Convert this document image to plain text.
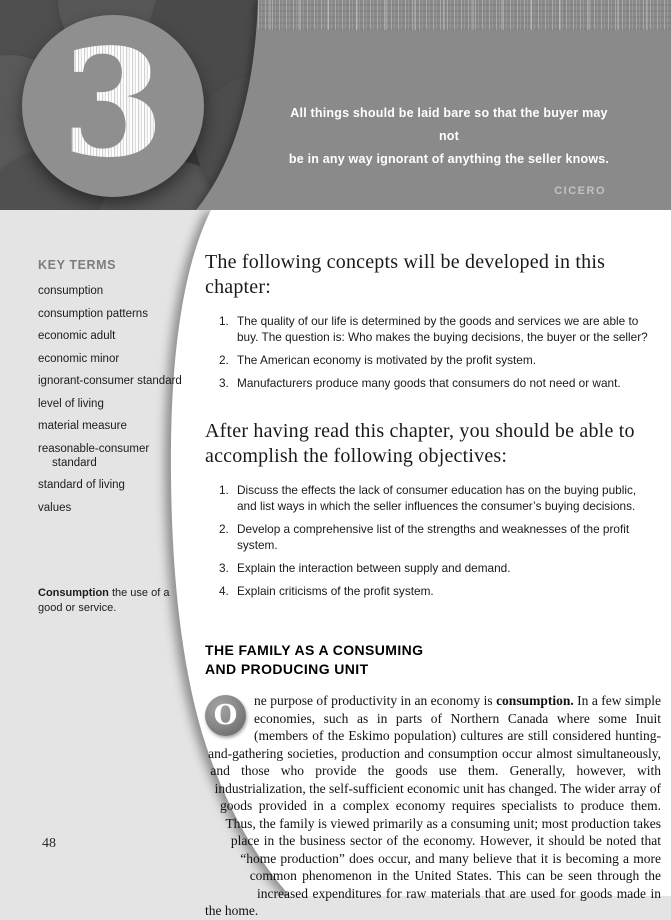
3	All things should be laid bare so that the buyer may not
be in any way ignorant of anything the seller knows.
CICERO
KEY TERMS
consumption
consumption patterns
economic adult
economic minor
ignorant-consumer standard
level of living
material measure
reasonable-consumer standard
standard of living
values
Consumption the use of a good or service.
48
The following concepts will be developed in this chapter:
1. The quality of our life is determined by the goods and services we are able to buy. The question is: Who makes the buying decisions, the buyer or the seller?
2. The American economy is motivated by the profit system.
3. Manufacturers produce many goods that consumers do not need or want.
After having read this chapter, you should be able to accomplish the following objectives:
1. Discuss the effects the lack of consumer education has on the buying public, and list ways in which the seller influences the consumer’s buying decisions.
2. Develop a comprehensive list of the strengths and weaknesses of the profit system.
3. Explain the interaction between supply and demand.
4. Explain criticisms of the profit system.
THE FAMILY AS A CONSUMING
AND PRODUCING UNIT
O	ne purpose of productivity in an economy is consumption. In a few simple economies, such as in parts of Northern Canada where some Inuit (members of the Eskimo population) cultures are still considered hunting-and-gathering societies, production and consumption occur almost simultaneously, and those who provide the goods use them. Generally, however, with industrialization, the self-sufficient economic unit has changed. The wider array of goods provided in a complex economy requires specialists to produce them. Thus, the family is viewed primarily as a consuming unit; most production takes place in the business sector of the economy. However, it should be noted that “home production” does occur, and many believe that it is becoming a more common phenomenon in the United States. This can be seen through the increased expenditures for raw materials that are used for goods made in the home.
